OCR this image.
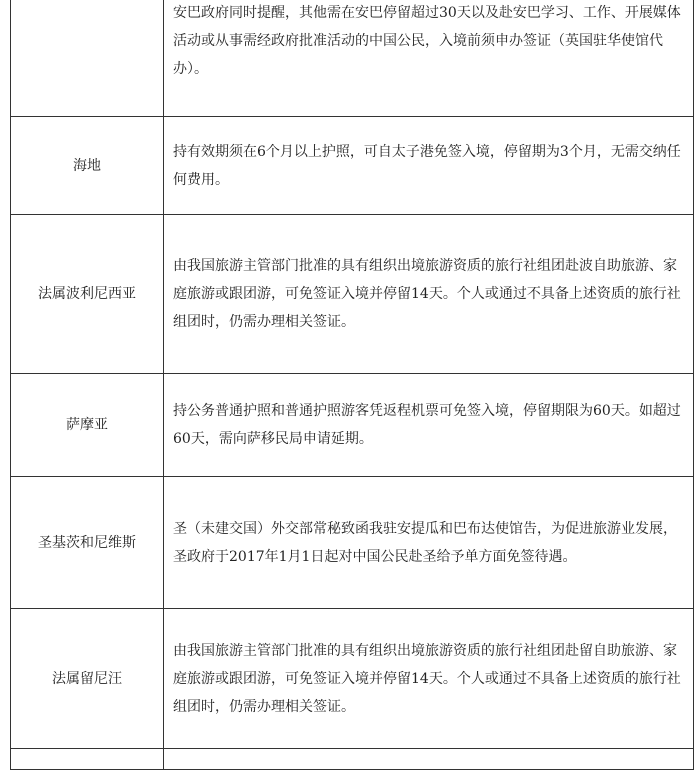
	安巴政府同时提醒，其他需在安巴停留超过30天以及赴安巴学习、工作、开展媒体活动或从事需经政府批准活动的中国公民，入境前须申办签证（英国驻华使馆代办）。

海地	持有效期须在6个月以上护照，可自太子港免签入境，停留期为3个月，无需交纳任何费用。

法属波利尼西亚	由我国旅游主管部门批准的具有组织出境旅游资质的旅行社组团赴波自助旅游、家庭旅游或跟团游，可免签证入境并停留14天。个人或通过不具备上述资质的旅行社组团时，仍需办理相关签证。

萨摩亚	持公务普通护照和普通护照游客凭返程机票可免签入境，停留期限为60天。如超过60天，需向萨移民局申请延期。

圣基茨和尼维斯	圣（未建交国）外交部常秘致函我驻安提瓜和巴布达使馆告，为促进旅游业发展，圣政府于2017年1月1日起对中国公民赴圣给予单方面免签待遇。

法属留尼汪	由我国旅游主管部门批准的具有组织出境旅游资质的旅行社组团赴留自助旅游、家庭旅游或跟团游，可免签证入境并停留14天。个人或通过不具备上述资质的旅行社组团时，仍需办理相关签证。
